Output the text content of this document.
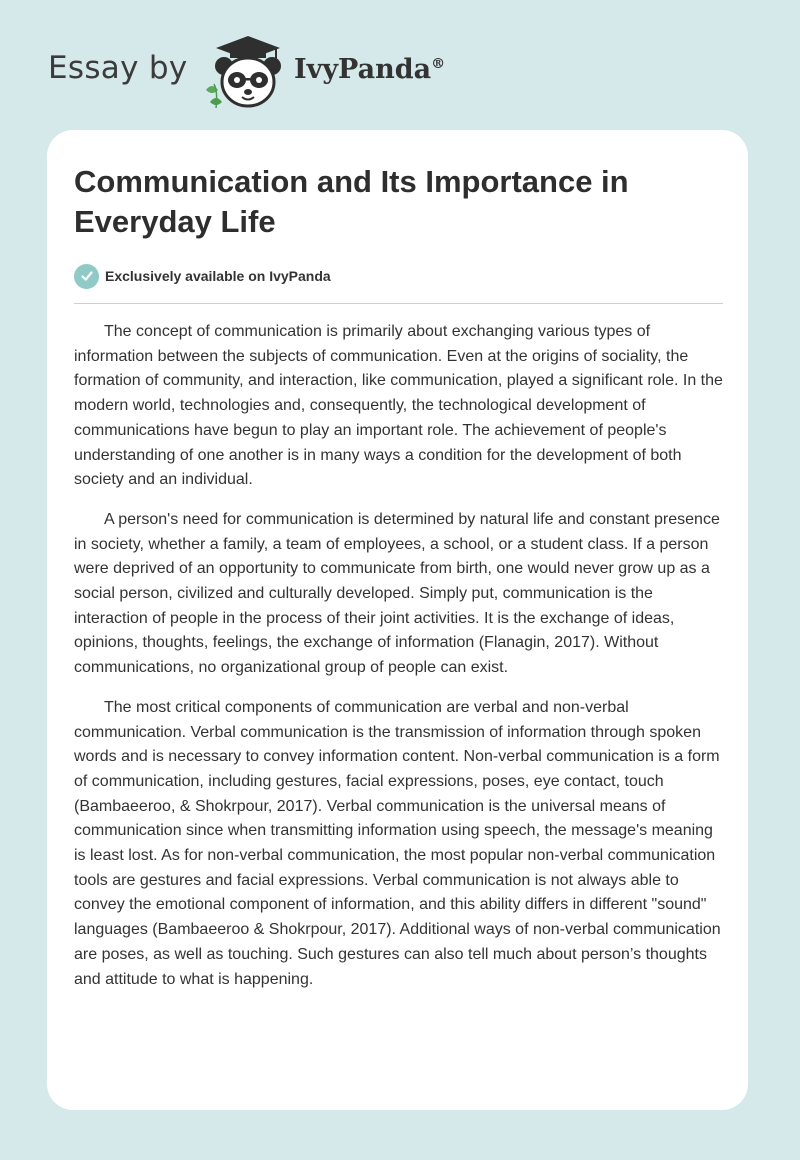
Essay by	IvyPanda®
Communication and Its Importance in Everyday Life
Exclusively available on IvyPanda

The concept of communication is primarily about exchanging various types of information between the subjects of communication. Even at the origins of sociality, the formation of community, and interaction, like communication, played a significant role. In the modern world, technologies and, consequently, the technological development of communications have begun to play an important role. The achievement of people's understanding of one another is in many ways a condition for the development of both society and an individual.

A person's need for communication is determined by natural life and constant presence in society, whether a family, a team of employees, a school, or a student class. If a person were deprived of an opportunity to communicate from birth, one would never grow up as a social person, civilized and culturally developed. Simply put, communication is the interaction of people in the process of their joint activities. It is the exchange of ideas, opinions, thoughts, feelings, the exchange of information (Flanagin, 2017). Without communications, no organizational group of people can exist.

The most critical components of communication are verbal and non-verbal communication. Verbal communication is the transmission of information through spoken words and is necessary to convey information content. Non-verbal communication is a form of communication, including gestures, facial expressions, poses, eye contact, touch (Bambaeeroo, & Shokrpour, 2017). Verbal communication is the universal means of communication since when transmitting information using speech, the message's meaning is least lost. As for non-verbal communication, the most popular non-verbal communication tools are gestures and facial expressions. Verbal communication is not always able to convey the emotional component of information, and this ability differs in different "sound" languages (Bambaeeroo & Shokrpour, 2017). Additional ways of non-verbal communication are poses, as well as touching. Such gestures can also tell much about person’s thoughts and attitude to what is happening.
